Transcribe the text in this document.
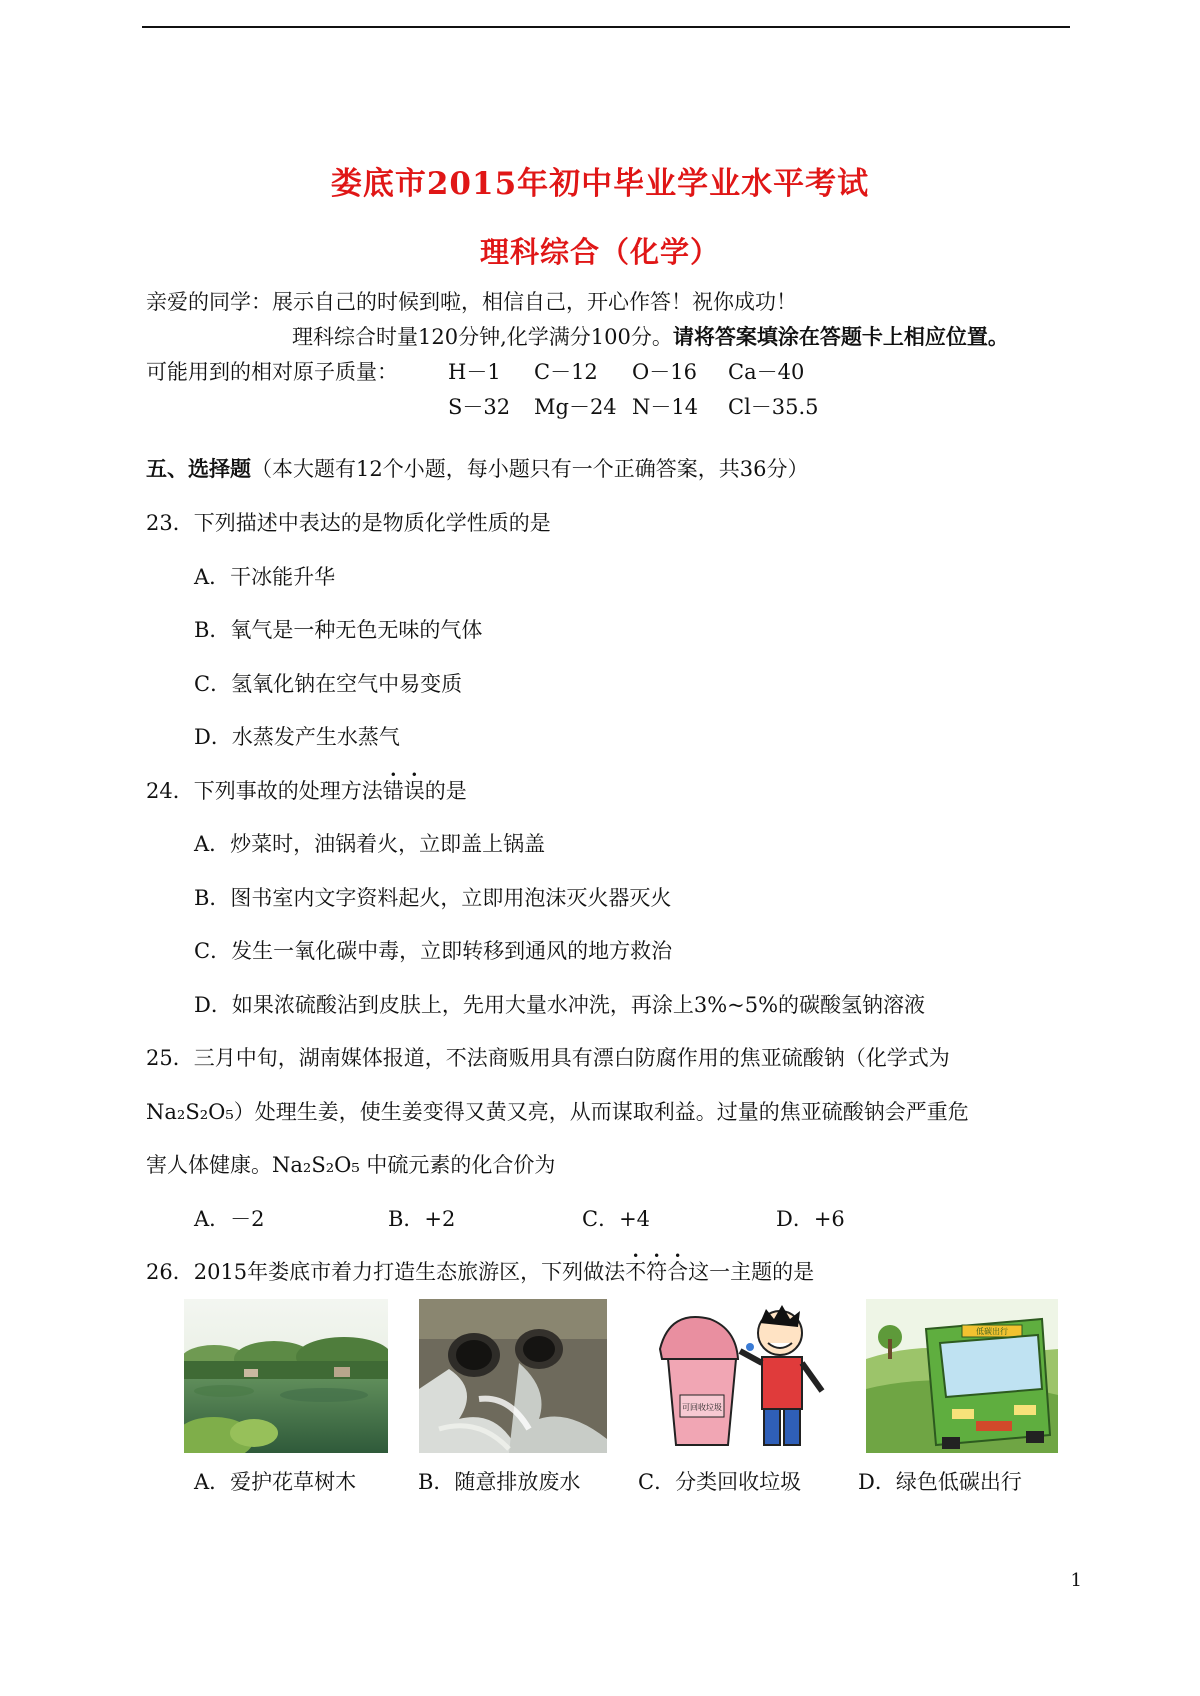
娄底市2015年初中毕业学业水平考试
理科综合（化学）
亲爱的同学：展示自己的时候到啦，相信自己，开心作答！祝你成功！
理科综合时量120分钟,化学满分100分。请将答案填涂在答题卡上相应位置。
可能用到的相对原子质量： H－1 C－12 O－16 Ca－40
S－32 Mg－24 N－14 Cl－35.5
五、选择题（本大题有12个小题，每小题只有一个正确答案，共36分）
23．下列描述中表达的是物质化学性质的是
A．干冰能升华
B．氧气是一种无色无味的气体
C．氢氧化钠在空气中易变质
D．水蒸发产生水蒸气
24．下列事故的处理方法错误的是
A．炒菜时，油锅着火，立即盖上锅盖
B．图书室内文字资料起火，立即用泡沫灭火器灭火
C．发生一氧化碳中毒，立即转移到通风的地方救治
D．如果浓硫酸沾到皮肤上，先用大量水冲洗，再涂上3%~5%的碳酸氢钠溶液
25．三月中旬，湖南媒体报道，不法商贩用具有漂白防腐作用的焦亚硫酸钠（化学式为
Na₂S₂O₅）处理生姜，使生姜变得又黄又亮，从而谋取利益。过量的焦亚硫酸钠会严重危
害人体健康。Na₂S₂O₅ 中硫元素的化合价为
A．－2	B．+2	C．+4	D．+6
26．2015年娄底市着力打造生态旅游区，下列做法不符合这一主题的是
可回收垃圾
低碳出行
A．爱护花草树木	B．随意排放废水	C．分类回收垃圾	D．绿色低碳出行
1
